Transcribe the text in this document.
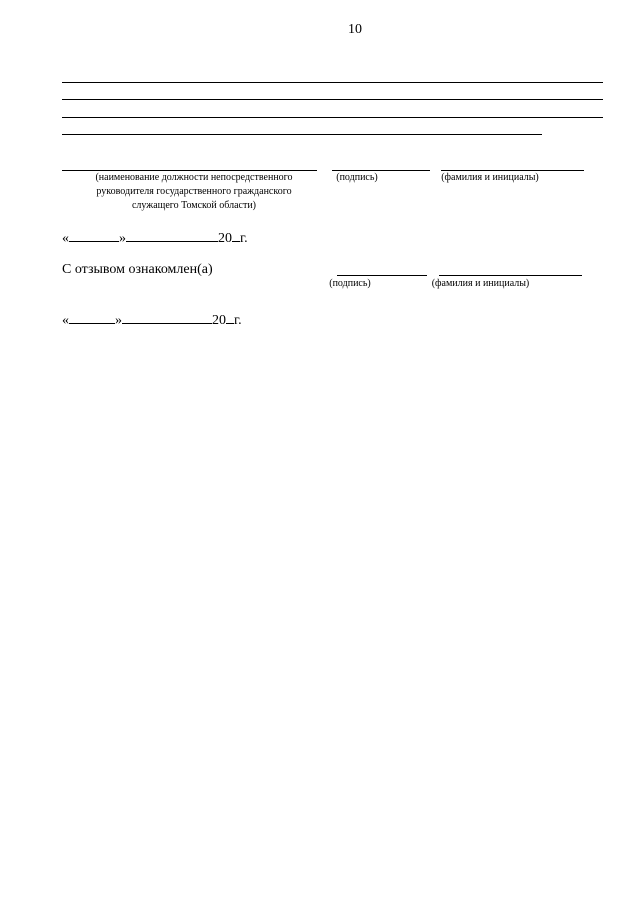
10
(наименование должности непосредственного руководителя государственного гражданского служащего Томской области)
(подпись)	(фамилия и инициалы)
«	»	20 г.
С отзывом ознакомлен(а)
(подпись)	(фамилия и инициалы)
«	»	20 г.
